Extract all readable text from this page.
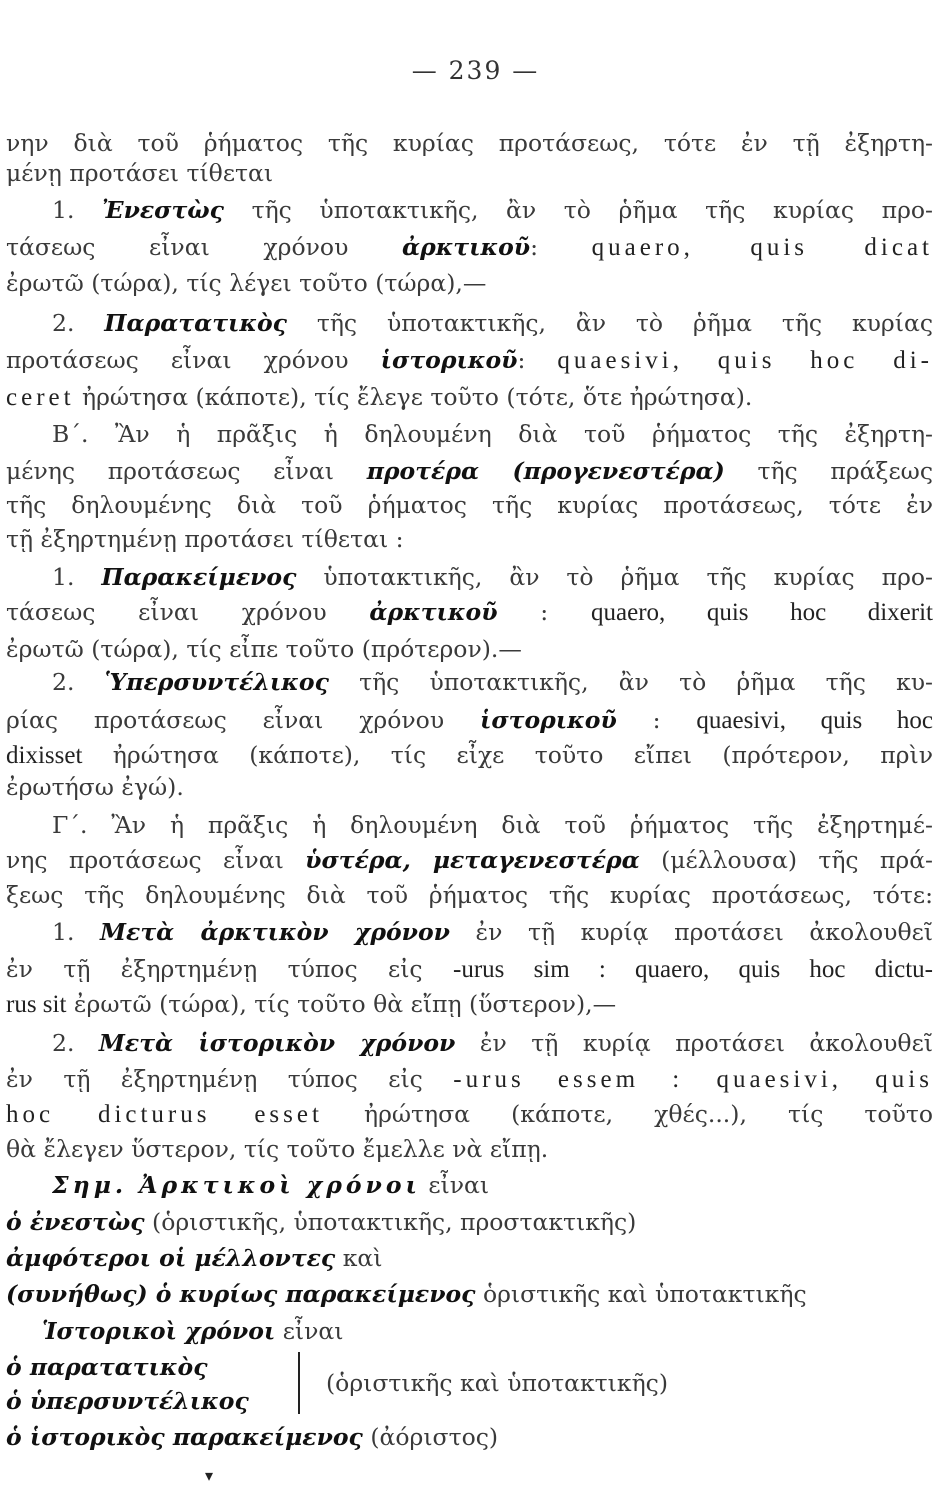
— 239 —
νην διὰ τοῦ ῥήματος τῆς κυρίας προτάσεως, τότε ἐν τῇ ἐξηρτη-
μένῃ προτάσει τίθεται
1. Ἐνεστὼς τῆς ὑποτακτικῆς, ἂν τὸ ῥῆμα τῆς κυρίας προ-
τάσεως εἶναι χρόνου ἀρκτικοῦ: quaero, quis dicat
ἐρωτῶ (τώρα), τίς λέγει τοῦτο (τώρα),—
2. Παρατατικὸς τῆς ὑποτακτικῆς, ἂν τὸ ῥῆμα τῆς κυρίας
προτάσεως εἶναι χρόνου ἱστορικοῦ: quaesivi, quis hoc di-
ceret ἠρώτησα (κάποτε), τίς ἔλεγε τοῦτο (τότε, ὅτε ἠρώτησα).
Β΄. Ἂν ἡ πρᾶξις ἡ δηλουμένη διὰ τοῦ ῥήματος τῆς ἐξηρτη-
μένης προτάσεως εἶναι προτέρα (προγενεστέρα) τῆς πράξεως
τῆς δηλουμένης διὰ τοῦ ῥήματος τῆς κυρίας προτάσεως, τότε ἐν
τῇ ἐξηρτημένῃ προτάσει τίθεται :
1. Παρακείμενος ὑποτακτικῆς, ἂν τὸ ῥῆμα τῆς κυρίας προ-
τάσεως εἶναι χρόνου ἀρκτικοῦ : quaero, quis hoc dixerit
ἐρωτῶ (τώρα), τίς εἶπε τοῦτο (πρότερον).—
2. Ὑπερσυντέλικος τῆς ὑποτακτικῆς, ἂν τὸ ῥῆμα τῆς κυ-
ρίας προτάσεως εἶναι χρόνου ἱστορικοῦ : quaesivi, quis hoc
dixisset ἠρώτησα (κάποτε), τίς εἶχε τοῦτο εἴπει (πρότερον, πρὶν
ἐρωτήσω ἐγώ).
Γ΄. Ἂν ἡ πρᾶξις ἡ δηλουμένη διὰ τοῦ ῥήματος τῆς ἐξηρτημέ-
νης προτάσεως εἶναι ὑστέρα, μεταγενεστέρα (μέλλουσα) τῆς πρά-
ξεως τῆς δηλουμένης διὰ τοῦ ῥήματος τῆς κυρίας προτάσεως, τότε:
1. Μετὰ ἀρκτικὸν χρόνον ἐν τῇ κυρίᾳ προτάσει ἀκολουθεῖ
ἐν τῇ ἐξηρτημένῃ τύπος εἰς -urus sim : quaero, quis hoc dictu-
rus sit ἐρωτῶ (τώρα), τίς τοῦτο θὰ εἴπῃ (ὕστερον),—
2. Μετὰ ἱστορικὸν χρόνον ἐν τῇ κυρίᾳ προτάσει ἀκολουθεῖ
ἐν τῇ ἐξηρτημένῃ τύπος εἰς -urus essem : quaesivi, quis
hoc dicturus esset ἠρώτησα (κάποτε, χθές...), τίς τοῦτο
θὰ ἔλεγεν ὕστερον, τίς τοῦτο ἔμελλε νὰ εἴπῃ.
Σημ. Ἀρκτικοὶ χρόνοι εἶναι
ὁ ἐνεστὼς (ὁριστικῆς, ὑποτακτικῆς, προστακτικῆς)
ἀμφότεροι οἱ μέλλοντες καὶ
(συνήθως) ὁ κυρίως παρακείμενος ὁριστικῆς καὶ ὑποτακτικῆς
Ἱστορικοὶ χρόνοι εἶναι
ὁ παρατατικὸς
ὁ ὑπερσυντέλικος
(ὁριστικῆς καὶ ὑποτακτικῆς)
ὁ ἱστορικὸς παρακείμενος (ἀόριστος)
▾
